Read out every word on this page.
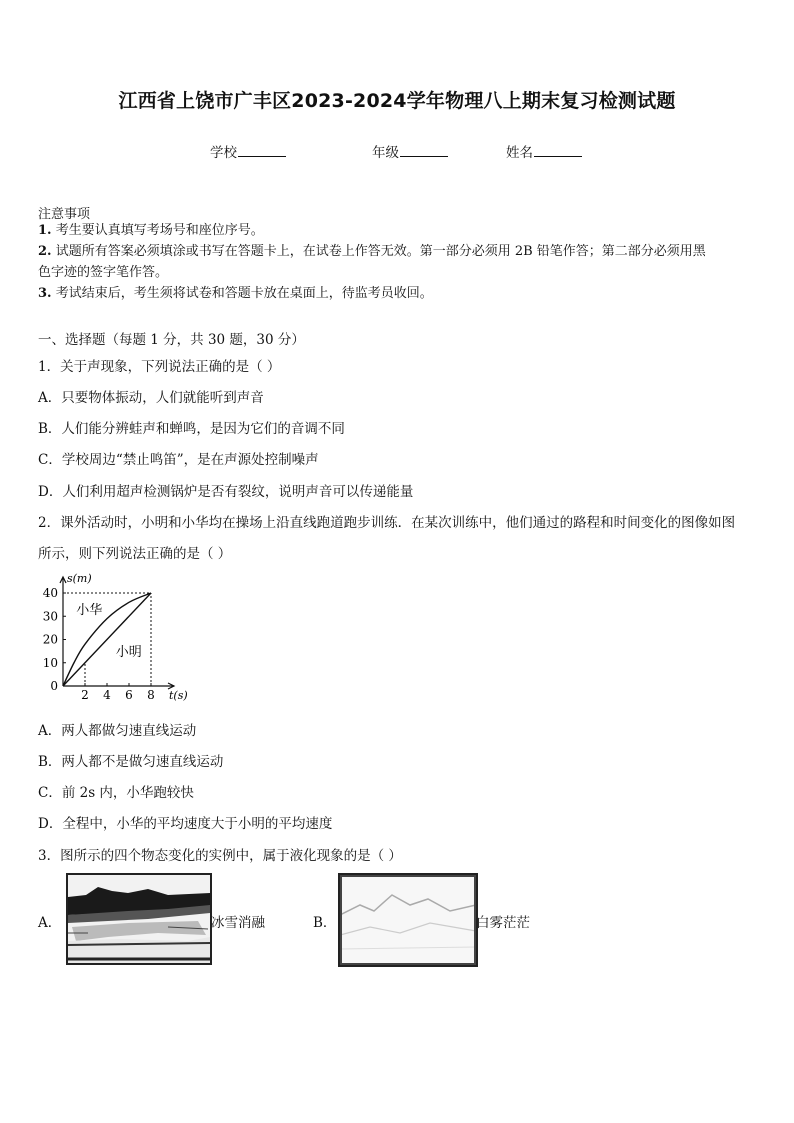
江西省上饶市广丰区2023-2024学年物理八上期末复习检测试题
学校	年级	姓名
注意事项
1. 考生要认真填写考场号和座位序号。
2. 试题所有答案必须填涂或书写在答题卡上，在试卷上作答无效。第一部分必须用 2B 铅笔作答；第二部分必须用黑
色字迹的签字笔作答。
3. 考试结束后，考生须将试卷和答题卡放在桌面上，待监考员收回。
一、选择题（每题 1 分，共 30 题，30 分）
1．关于声现象，下列说法正确的是（ ）
A．只要物体振动，人们就能听到声音
B．人们能分辨蛙声和蝉鸣，是因为它们的音调不同
C．学校周边“禁止鸣笛”，是在声源处控制噪声
D．人们利用超声检测锅炉是否有裂纹，说明声音可以传递能量
2．课外活动时，小明和小华均在操场上沿直线跑道跑步训练．在某次训练中，他们通过的路程和时间变化的图像如图
所示，则下列说法正确的是（ ）
s(m)
t(s)
0
10
20
30
40
2 4 6 8
小华
小明
A．两人都做匀速直线运动
B．两人都不是做匀速直线运动
C．前 2s 内，小华跑较快
D．全程中，小华的平均速度大于小明的平均速度
3．图所示的四个物态变化的实例中，属于液化现象的是（ ）
A．	冰雪消融	B．	白雾茫茫
